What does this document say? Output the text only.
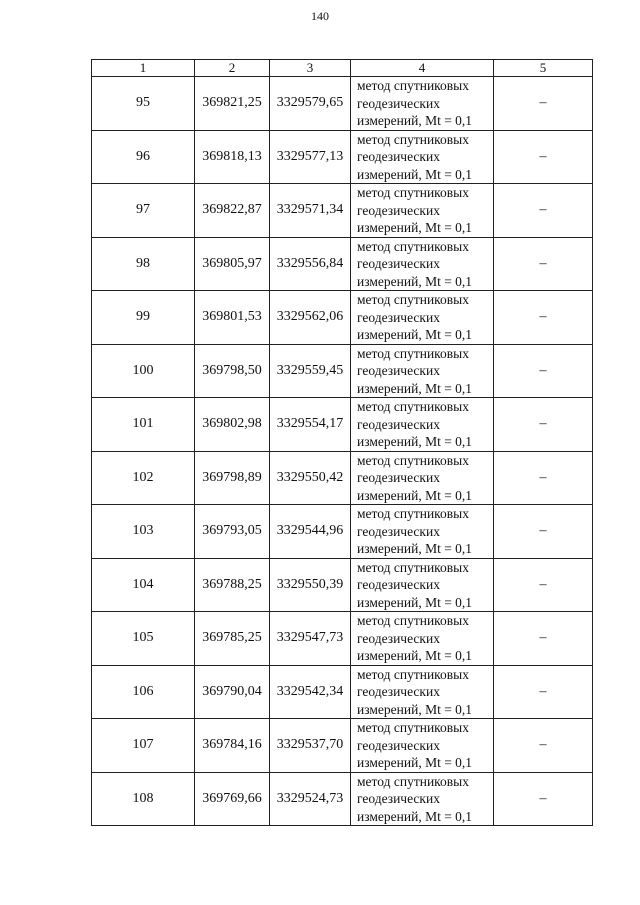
140
1	2	3	4	5
95	369821,25	3329579,65	метод спутниковых
геодезических
измерений, Mt = 0,1	–
96	369818,13	3329577,13	метод спутниковых
геодезических
измерений, Mt = 0,1	–
97	369822,87	3329571,34	метод спутниковых
геодезических
измерений, Mt = 0,1	–
98	369805,97	3329556,84	метод спутниковых
геодезических
измерений, Mt = 0,1	–
99	369801,53	3329562,06	метод спутниковых
геодезических
измерений, Mt = 0,1	–
100	369798,50	3329559,45	метод спутниковых
геодезических
измерений, Mt = 0,1	–
101	369802,98	3329554,17	метод спутниковых
геодезических
измерений, Mt = 0,1	–
102	369798,89	3329550,42	метод спутниковых
геодезических
измерений, Mt = 0,1	–
103	369793,05	3329544,96	метод спутниковых
геодезических
измерений, Mt = 0,1	–
104	369788,25	3329550,39	метод спутниковых
геодезических
измерений, Mt = 0,1	–
105	369785,25	3329547,73	метод спутниковых
геодезических
измерений, Mt = 0,1	–
106	369790,04	3329542,34	метод спутниковых
геодезических
измерений, Mt = 0,1	–
107	369784,16	3329537,70	метод спутниковых
геодезических
измерений, Mt = 0,1	–
108	369769,66	3329524,73	метод спутниковых
геодезических
измерений, Mt = 0,1	–
